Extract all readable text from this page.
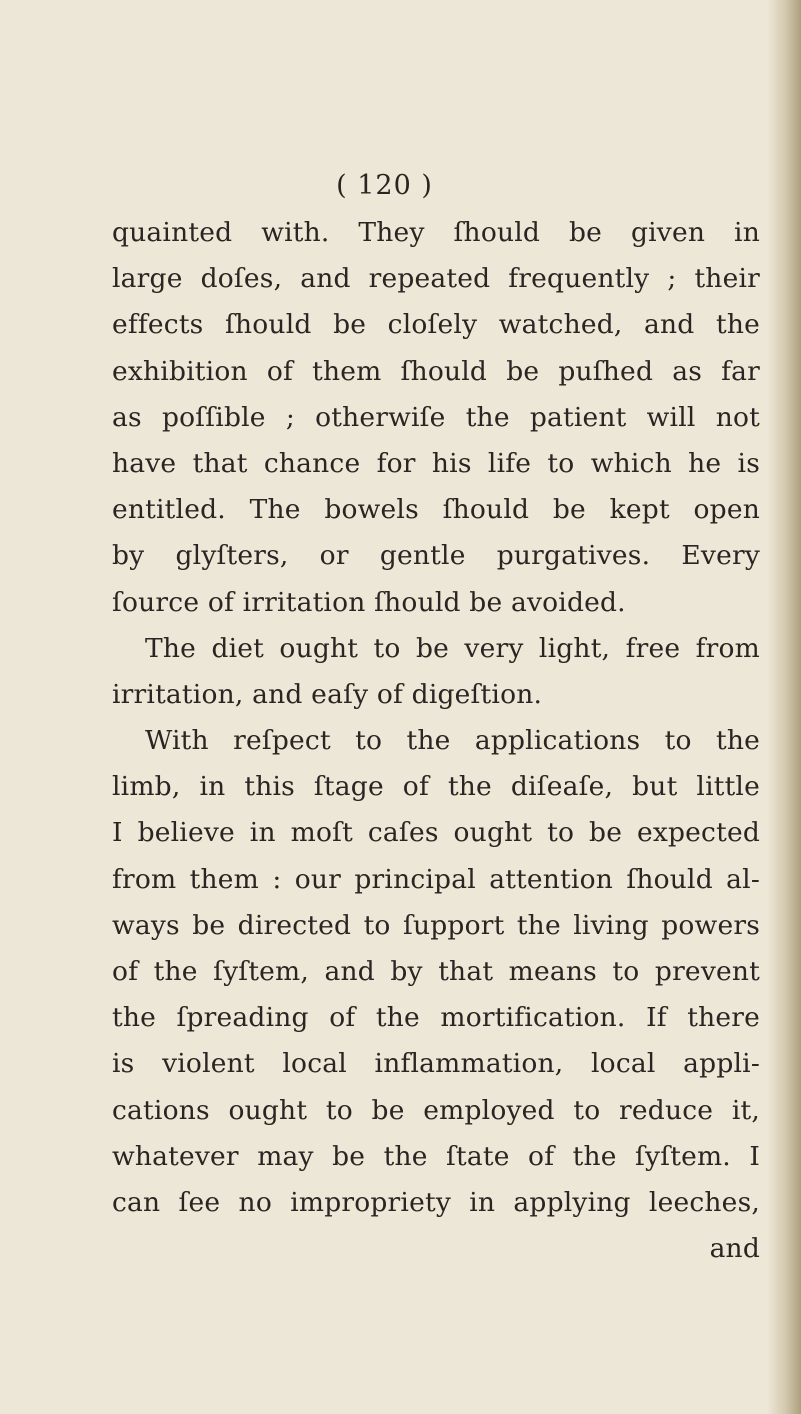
( 120 )
quainted with. They ſhould be given in
large doſes, and repeated frequently ; their
effects ſhould be cloſely watched, and the
exhibition of them ſhould be puſhed as far
as poſſible ; otherwiſe the patient will not
have that chance for his life to which he is
entitled. The bowels ſhould be kept open
by glyſters, or gentle purgatives. Every
ſource of irritation ſhould be avoided.
The diet ought to be very light, free from
irritation, and eaſy of digeſtion.
With reſpect to the applications to the
limb, in this ſtage of the diſeaſe, but little
I believe in moſt caſes ought to be expected
from them : our principal attention ſhould al-
ways be directed to ſupport the living powers
of the ſyſtem, and by that means to prevent
the ſpreading of the mortification. If there
is violent local inflammation, local appli-
cations ought to be employed to reduce it,
whatever may be the ſtate of the ſyſtem. I
can ſee no impropriety in applying leeches,
and
